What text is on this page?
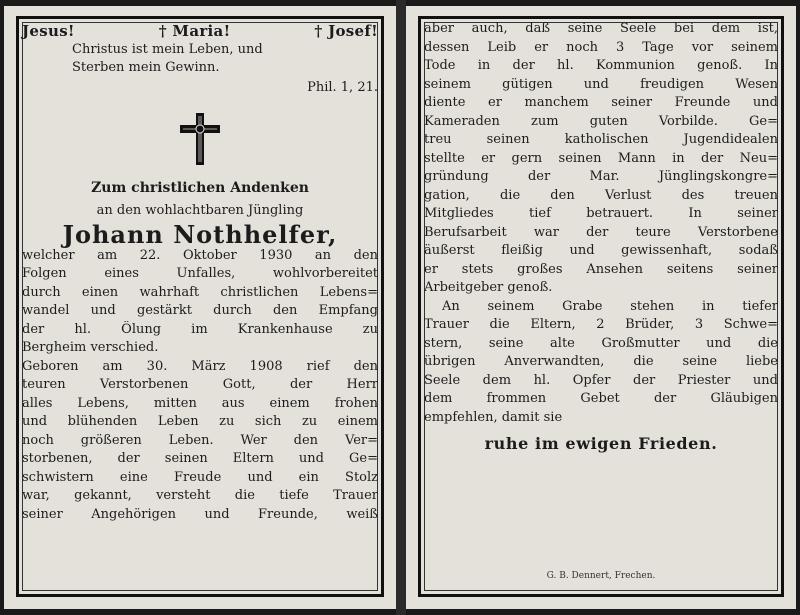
Jesus!	† Maria!	† Josef!
Christus ist mein Leben, und
Sterben mein Gewinn.
Phil. 1, 21.
Zum christlichen Andenken
an den wohlachtbaren Jüngling
Johann Nothhelfer,
welcher am 22. Oktober 1930 an den
Folgen eines Unfalles, wohlvorbereitet
durch einen wahrhaft christlichen Lebens=
wandel und gestärkt durch den Empfang
der hl. Ölung im Krankenhause zu
Bergheim verschied.
Geboren am 30. März 1908 rief den
teuren Verstorbenen Gott, der Herr
alles Lebens, mitten aus einem frohen
und blühenden Leben zu sich zu einem
noch größeren Leben. Wer den Ver=
storbenen, der seinen Eltern und Ge=
schwistern eine Freude und ein Stolz
war, gekannt, versteht die tiefe Trauer
seiner Angehörigen und Freunde, weiß
aber auch, daß seine Seele bei dem ist,
dessen Leib er noch 3 Tage vor seinem
Tode in der hl. Kommunion genoß. In
seinem gütigen und freudigen Wesen
diente er manchem seiner Freunde und
Kameraden zum guten Vorbilde. Ge=
treu seinen katholischen Jugendidealen
stellte er gern seinen Mann in der Neu=
gründung der Mar. Jünglingskongre=
gation, die den Verlust des treuen
Mitgliedes tief betrauert. In seiner
Berufsarbeit war der teure Verstorbene
äußerst fleißig und gewissenhaft, sodaß
er stets großes Ansehen seitens seiner
Arbeitgeber genoß.
An seinem Grabe stehen in tiefer
Trauer die Eltern, 2 Brüder, 3 Schwe=
stern, seine alte Großmutter und die
übrigen Anverwandten, die seine liebe
Seele dem hl. Opfer der Priester und
dem frommen Gebet der Gläubigen
empfehlen, damit sie
ruhe im ewigen Frieden.
G. B. Dennert, Frechen.
